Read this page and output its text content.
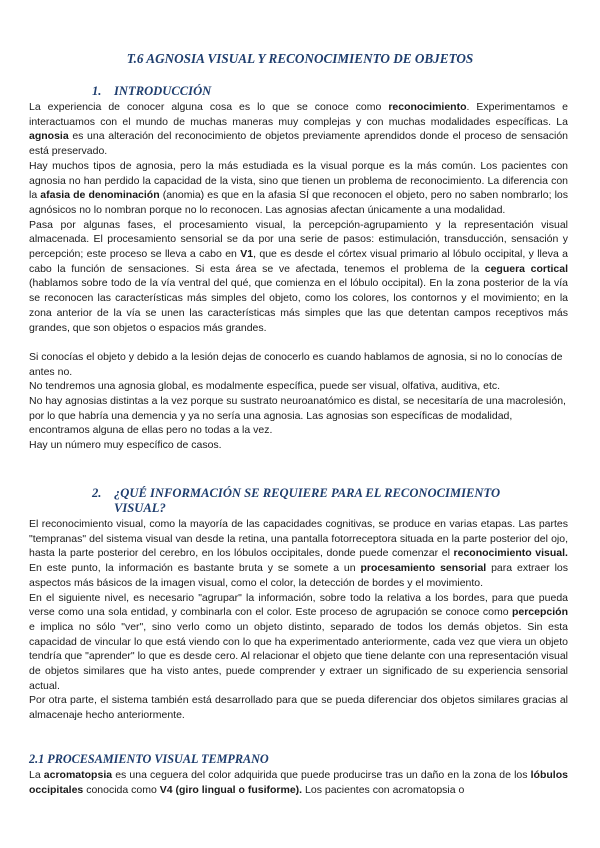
T.6 AGNOSIA VISUAL Y RECONOCIMIENTO DE OBJETOS
1. INTRODUCCIÓN

La experiencia de conocer alguna cosa es lo que se conoce como reconocimiento. Experimentamos e interactuamos con el mundo de muchas maneras muy complejas y con muchas modalidades específicas. La agnosia es una alteración del reconocimiento de objetos previamente aprendidos donde el proceso de sensación está preservado.

Hay muchos tipos de agnosia, pero la más estudiada es la visual porque es la más común. Los pacientes con agnosia no han perdido la capacidad de la vista, sino que tienen un problema de reconocimiento. La diferencia con la afasia de denominación (anomia) es que en la afasia SÍ que reconocen el objeto, pero no saben nombrarlo; los agnósicos no lo nombran porque no lo reconocen. Las agnosias afectan únicamente a una modalidad.

Pasa por algunas fases, el procesamiento visual, la percepción-agrupamiento y la representación visual almacenada. El procesamiento sensorial se da por una serie de pasos: estimulación, transducción, sensación y percepción; este proceso se lleva a cabo en V1, que es desde el córtex visual primario al lóbulo occipital, y lleva a cabo la función de sensaciones. Si esta área se ve afectada, tenemos el problema de la ceguera cortical (hablamos sobre todo de la vía ventral del qué, que comienza en el lóbulo occipital). En la zona posterior de la vía se reconocen las características más simples del objeto, como los colores, los contornos y el movimiento; en la zona anterior de la vía se unen las características más simples que las que detentan campos receptivos más grandes, que son objetos o espacios más grandes.

Si conocías el objeto y debido a la lesión dejas de conocerlo es cuando hablamos de agnosia, si no lo conocías de antes no.

No tendremos una agnosia global, es modalmente específica, puede ser visual, olfativa, auditiva, etc.

No hay agnosias distintas a la vez porque su sustrato neuroanatómico es distal, se necesitaría de una macrolesión, por lo que habría una demencia y ya no sería una agnosia. Las agnosias son específicas de modalidad, encontramos alguna de ellas pero no todas a la vez.

Hay un número muy específico de casos.

2. ¿QUÉ INFORMACIÓN SE REQUIERE PARA EL RECONOCIMIENTO
VISUAL?

El reconocimiento visual, como la mayoría de las capacidades cognitivas, se produce en varias etapas. Las partes "tempranas" del sistema visual van desde la retina, una pantalla fotorreceptora situada en la parte posterior del ojo, hasta la parte posterior del cerebro, en los lóbulos occipitales, donde puede comenzar el reconocimiento visual. En este punto, la información es bastante bruta y se somete a un procesamiento sensorial para extraer los aspectos más básicos de la imagen visual, como el color, la detección de bordes y el movimiento.

En el siguiente nivel, es necesario "agrupar" la información, sobre todo la relativa a los bordes, para que pueda verse como una sola entidad, y combinarla con el color. Este proceso de agrupación se conoce como percepción e implica no sólo "ver", sino verlo como un objeto distinto, separado de todos los demás objetos. Sin esta capacidad de vincular lo que está viendo con lo que ha experimentado anteriormente, cada vez que viera un objeto tendría que "aprender" lo que es desde cero. Al relacionar el objeto que tiene delante con una representación visual de objetos similares que ha visto antes, puede comprender y extraer un significado de su experiencia sensorial actual.

Por otra parte, el sistema también está desarrollado para que se pueda diferenciar dos objetos similares gracias al almacenaje hecho anteriormente.

2.1 PROCESAMIENTO VISUAL TEMPRANO

La acromatopsia es una ceguera del color adquirida que puede producirse tras un daño en la zona de los lóbulos occipitales conocida como V4 (giro lingual o fusiforme). Los pacientes con acromatopsia o
